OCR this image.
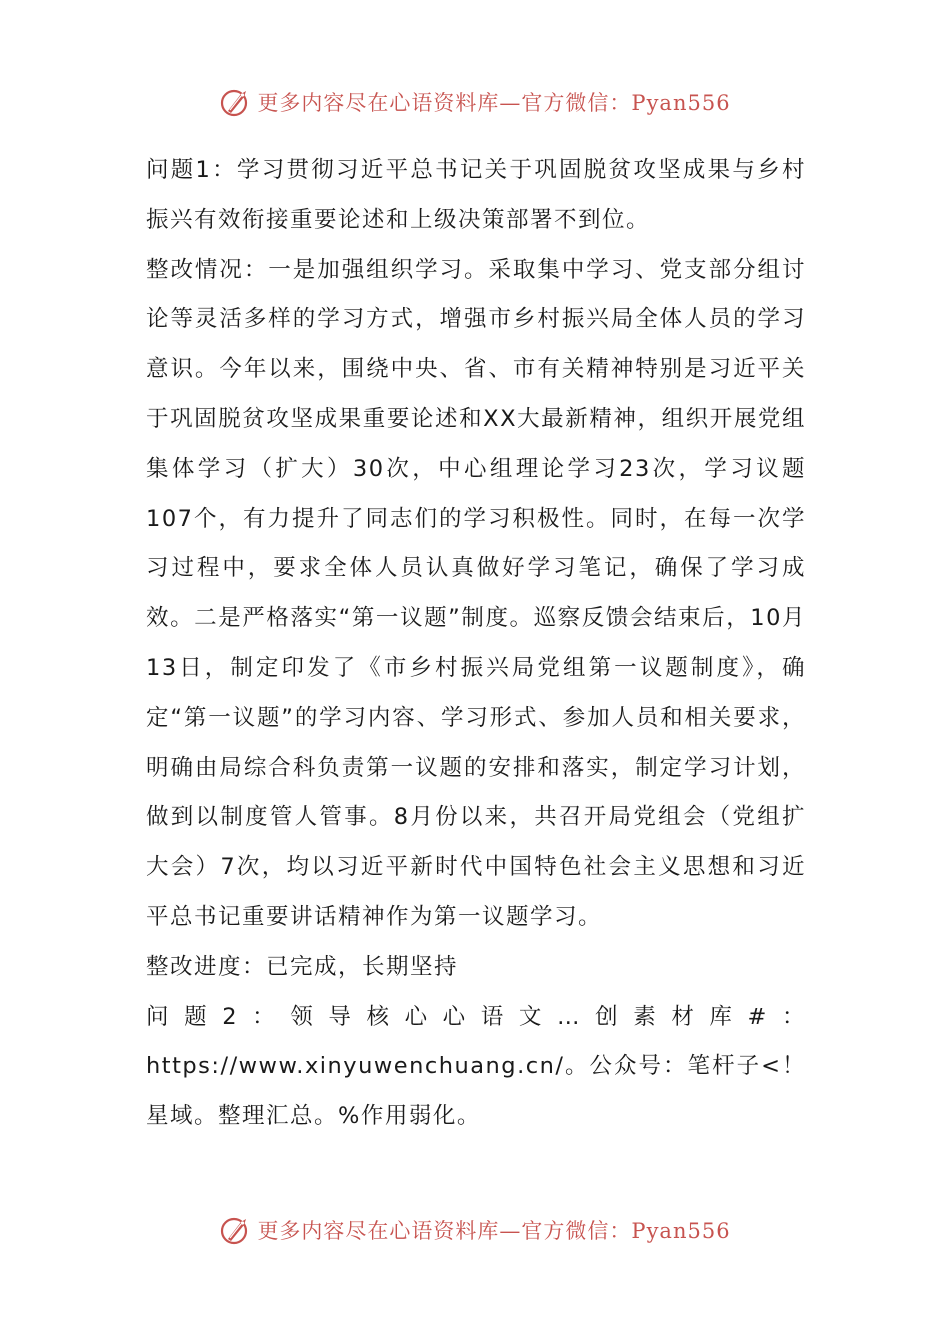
更多内容尽在心语资料库—官方微信：Pyan556

问题1：学习贯彻习近平总书记关于巩固脱贫攻坚成果与乡村振兴有效衔接重要论述和上级决策部署不到位。

整改情况：一是加强组织学习。采取集中学习、党支部分组讨论等灵活多样的学习方式，增强市乡村振兴局全体人员的学习意识。今年以来，围绕中央、省、市有关精神特别是习近平关于巩固脱贫攻坚成果重要论述和XX大最新精神，组织开展党组集体学习（扩大）30次，中心组理论学习23次，学习议题107个，有力提升了同志们的学习积极性。同时，在每一次学习过程中，要求全体人员认真做好学习笔记，确保了学习成效。二是严格落实“第一议题”制度。巡察反馈会结束后，10月13日，制定印发了《市乡村振兴局党组第一议题制度》，确定“第一议题”的学习内容、学习形式、参加人员和相关要求，明确由局综合科负责第一议题的安排和落实，制定学习计划，做到以制度管人管事。8月份以来，共召开局党组会（党组扩大会）7次，均以习近平新时代中国特色社会主义思想和习近平总书记重要讲话精神作为第一议题学习。

整改进度：已完成，长期坚持

问题2：领导核心心语文…创素材库#：https://www.xinyuwenchuang.cn/。公众号：笔杆子<！星域。整理汇总。%作用弱化。

更多内容尽在心语资料库—官方微信：Pyan556
